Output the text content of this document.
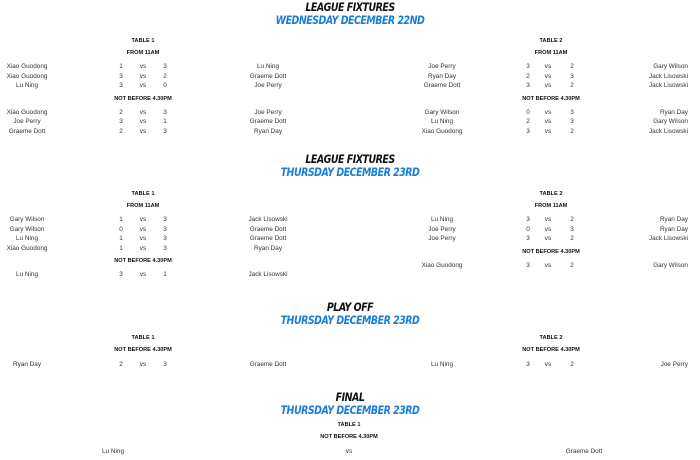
LEAGUE FIXTURES
WEDNESDAY DECEMBER 22ND
TABLE 1
FROM 11AM
Xiao Guodong	1	vs	3	Lu Ning
Xiao Guodong	3	vs	2	Graeme Dott
Lu Ning	3	vs	0	Joe Perry
NOT BEFORE 4.30PM
Xiao Guodong	2	vs	3	Joe Perry
Joe Perry	3	vs	1	Graeme Dott
Graeme Dott	2	vs	3	Ryan Day
TABLE 2
FROM 11AM
Joe Perry	3 vs	2	Gary Wilson
Ryan Day	2 vs	3	Jack Lisowski
Graeme Dott	3 vs	2	Jack Lisowski
NOT BEFORE 4.30PM
Gary Wilson	0 vs	3	Ryan Day
Lu Ning	2 vs	3	Gary Wilson
Xiao Guodong	3 vs	2	Jack Lisowski
LEAGUE FIXTURES
THURSDAY DECEMBER 23RD
TABLE 1
FROM 11AM
Gary Wilson	1	vs	3	Jack Lisowski
Gary Wilson	0	vs	3	Graeme Dott
Lu Ning	1	vs	3	Graeme Dott
Xiao Guodong	1	vs	3	Ryan Day
NOT BEFORE 4.30PM
Lu Ning	3	vs	1	Jack Lisowski
TABLE 2
FROM 11AM
Lu Ning	3 vs	2	Ryan Day
Joe Perry	0 vs	3	Ryan Day
Joe Perry	3 vs	2	Jack Lisowski
NOT BEFORE 4.30PM
Xiao Guodong	3 vs	2	Gary Wilson
PLAY OFF
THURSDAY DECEMBER 23RD
TABLE 1
NOT BEFORE 4.30PM
Ryan Day	2	vs	3	Graeme Dott
TABLE 2
NOT BEFORE 4.30PM
Lu Ning	3 vs	2	Joe Perry
FINAL
THURSDAY DECEMBER 23RD
TABLE 1
NOT BEFORE 4.30PM
Lu Ning	vs	Graeme Dott
